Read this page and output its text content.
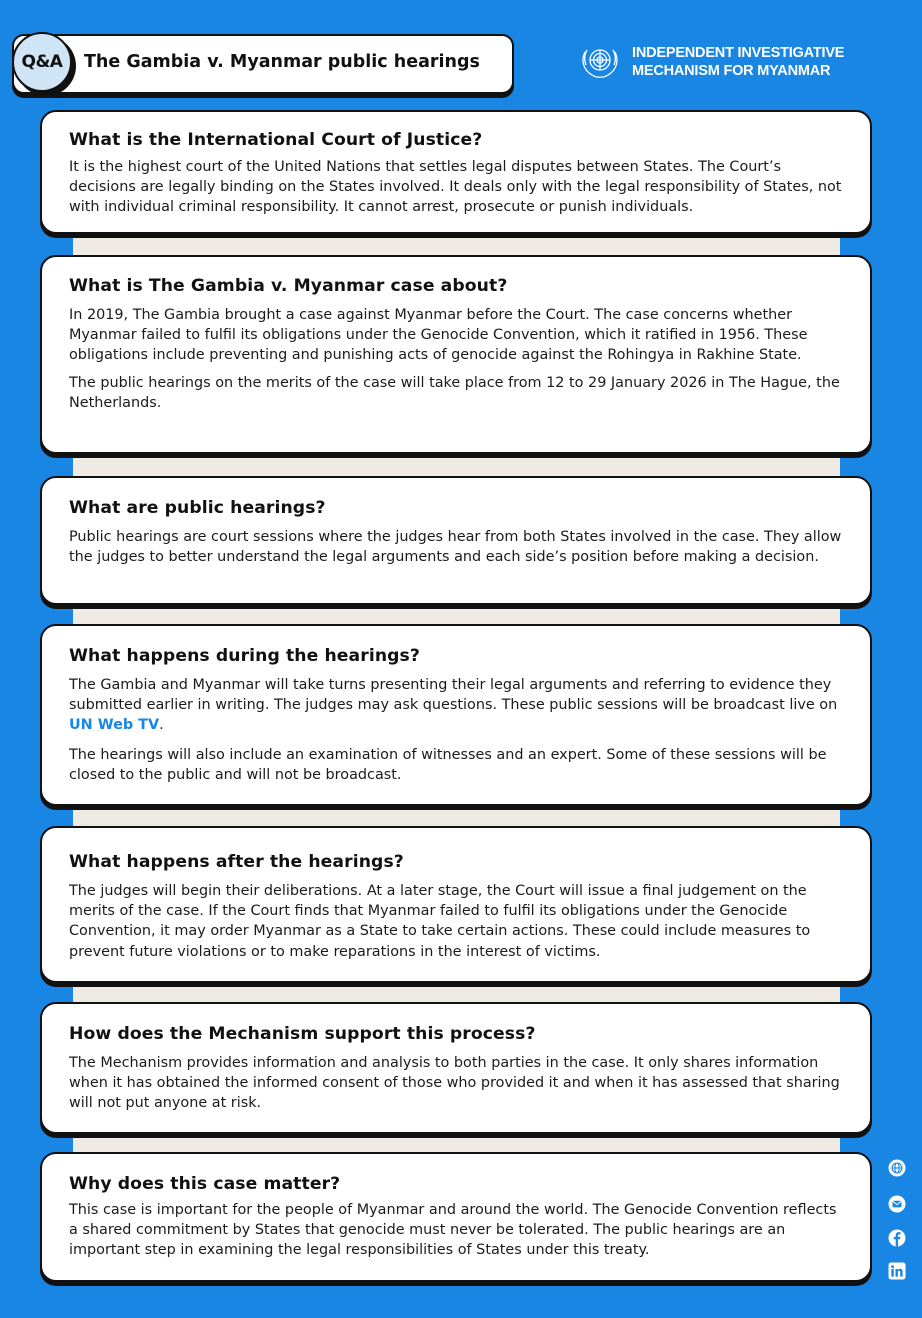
Q&A	The Gambia v. Myanmar public hearings	INDEPENDENT INVESTIGATIVE
MECHANISM FOR MYANMAR
What is the International Court of Justice?

It is the highest court of the United Nations that settles legal disputes between States. The Court’s decisions are legally binding on the States involved. It deals only with the legal responsibility of States, not with individual criminal responsibility. It cannot arrest, prosecute or punish individuals.

What is The Gambia v. Myanmar case about?

In 2019, The Gambia brought a case against Myanmar before the Court. The case concerns whether Myanmar failed to fulfil its obligations under the Genocide Convention, which it ratified in 1956. These obligations include preventing and punishing acts of genocide against the Rohingya in Rakhine State.

The public hearings on the merits of the case will take place from 12 to 29 January 2026 in The Hague, the Netherlands.

What are public hearings?

Public hearings are court sessions where the judges hear from both States involved in the case. They allow the judges to better understand the legal arguments and each side’s position before making a decision.

What happens during the hearings?

The Gambia and Myanmar will take turns presenting their legal arguments and referring to evidence they submitted earlier in writing. The judges may ask questions. These public sessions will be broadcast live on UN Web TV.

The hearings will also include an examination of witnesses and an expert. Some of these sessions will be closed to the public and will not be broadcast.

What happens after the hearings?

The judges will begin their deliberations. At a later stage, the Court will issue a final judgement on the merits of the case. If the Court finds that Myanmar failed to fulfil its obligations under the Genocide Convention, it may order Myanmar as a State to take certain actions. These could include measures to prevent future violations or to make reparations in the interest of victims.

How does the Mechanism support this process?

The Mechanism provides information and analysis to both parties in the case. It only shares information when it has obtained the informed consent of those who provided it and when it has assessed that sharing will not put anyone at risk.

Why does this case matter?

This case is important for the people of Myanmar and around the world. The Genocide Convention reflects a shared commitment by States that genocide must never be tolerated. The public hearings are an important step in examining the legal responsibilities of States under this treaty.
